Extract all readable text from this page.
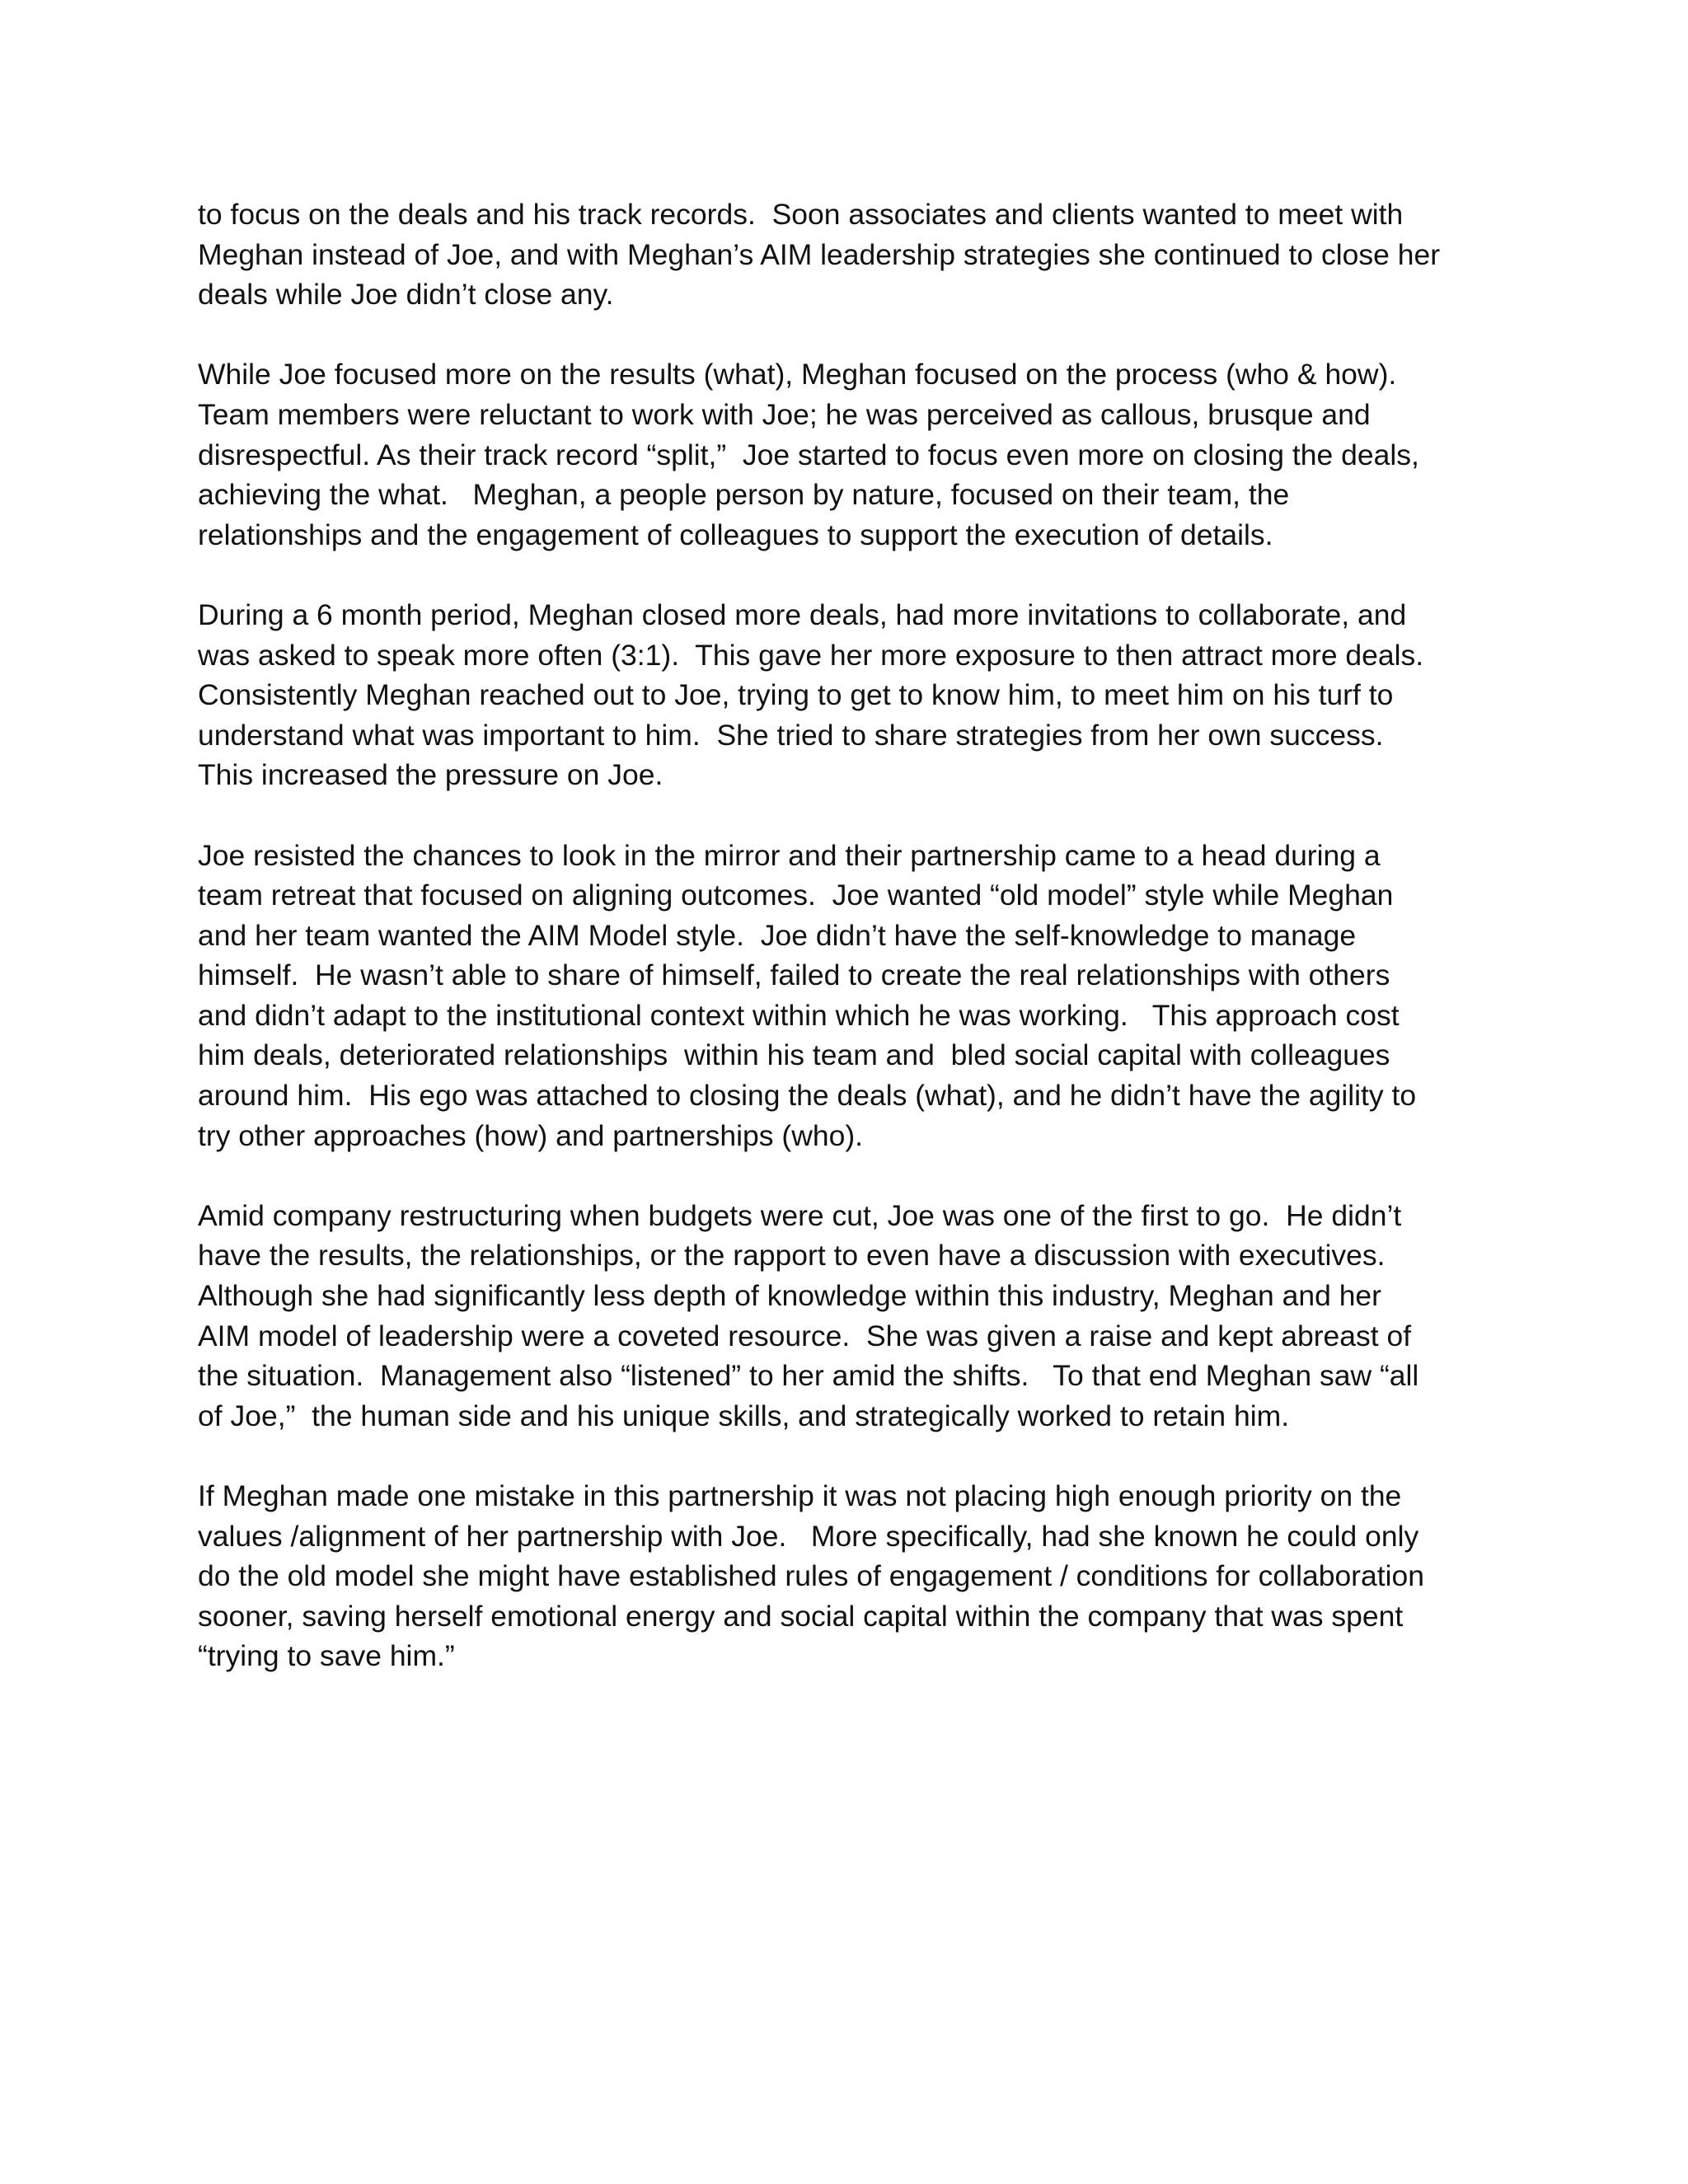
to focus on the deals and his track records.  Soon associates and clients wanted to meet with
Meghan instead of Joe, and with Meghan’s AIM leadership strategies she continued to close her
deals while Joe didn’t close any.

While Joe focused more on the results (what), Meghan focused on the process (who & how).
Team members were reluctant to work with Joe; he was perceived as callous, brusque and
disrespectful. As their track record “split,”  Joe started to focus even more on closing the deals,
achieving the what.   Meghan, a people person by nature, focused on their team, the
relationships and the engagement of colleagues to support the execution of details.

During a 6 month period, Meghan closed more deals, had more invitations to collaborate, and
was asked to speak more often (3:1).  This gave her more exposure to then attract more deals.
Consistently Meghan reached out to Joe, trying to get to know him, to meet him on his turf to
understand what was important to him.  She tried to share strategies from her own success.
This increased the pressure on Joe.

Joe resisted the chances to look in the mirror and their partnership came to a head during a
team retreat that focused on aligning outcomes.  Joe wanted “old model” style while Meghan
and her team wanted the AIM Model style.  Joe didn’t have the self-knowledge to manage
himself.  He wasn’t able to share of himself, failed to create the real relationships with others
and didn’t adapt to the institutional context within which he was working.   This approach cost
him deals, deteriorated relationships  within his team and  bled social capital with colleagues
around him.  His ego was attached to closing the deals (what), and he didn’t have the agility to
try other approaches (how) and partnerships (who).

Amid company restructuring when budgets were cut, Joe was one of the first to go.  He didn’t
have the results, the relationships, or the rapport to even have a discussion with executives.
Although she had significantly less depth of knowledge within this industry, Meghan and her
AIM model of leadership were a coveted resource.  She was given a raise and kept abreast of
the situation.  Management also “listened” to her amid the shifts.   To that end Meghan saw “all
of Joe,”  the human side and his unique skills, and strategically worked to retain him.

If Meghan made one mistake in this partnership it was not placing high enough priority on the
values /alignment of her partnership with Joe.   More specifically, had she known he could only
do the old model she might have established rules of engagement / conditions for collaboration
sooner, saving herself emotional energy and social capital within the company that was spent
“trying to save him.”
